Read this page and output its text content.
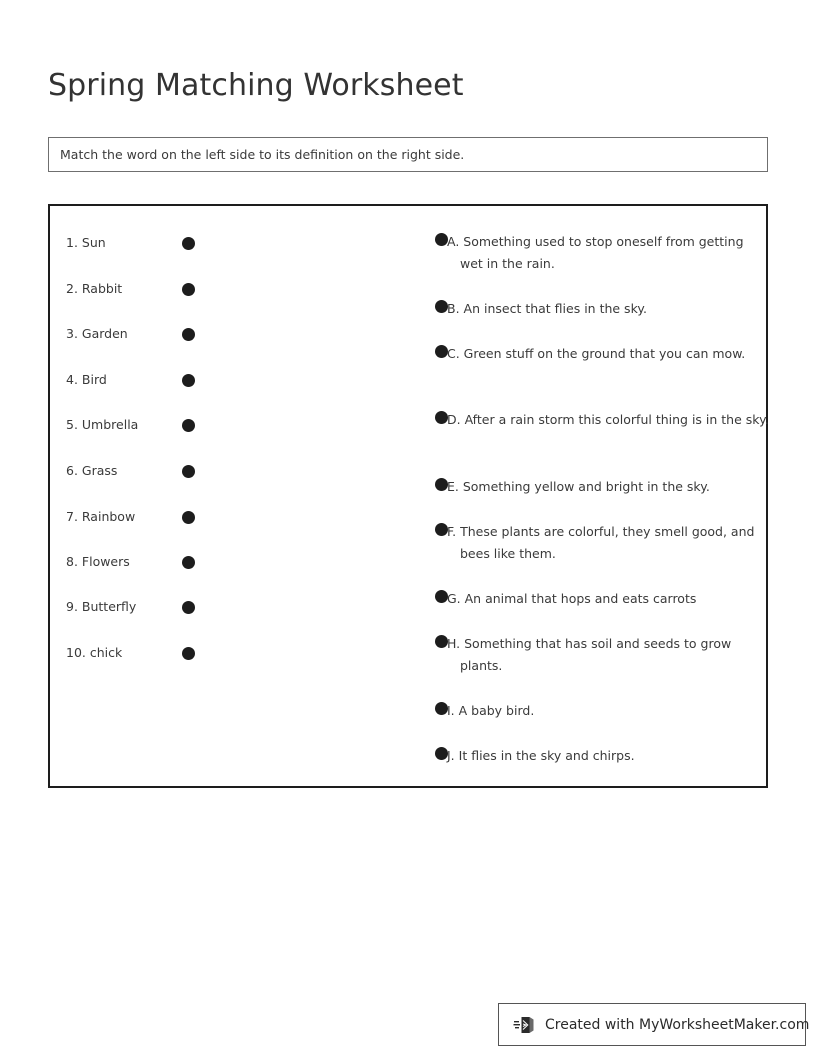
Spring Matching Worksheet
Match the word on the left side to its definition on the right side.
1. Sun
2. Rabbit
3. Garden
4. Bird
5. Umbrella
6. Grass
7. Rainbow
8. Flowers
9. Butterfly
10. chick
A. Something used to stop oneself from getting wet in the rain.
B. An insect that flies in the sky.
C. Green stuff on the ground that you can mow.
D. After a rain storm this colorful thing is in the sky.
E. Something yellow and bright in the sky.
F. These plants are colorful, they smell good, and bees like them.
G. An animal that hops and eats carrots
H. Something that has soil and seeds to grow plants.
I. A baby bird.
J. It flies in the sky and chirps.
Created with MyWorksheetMaker.com
